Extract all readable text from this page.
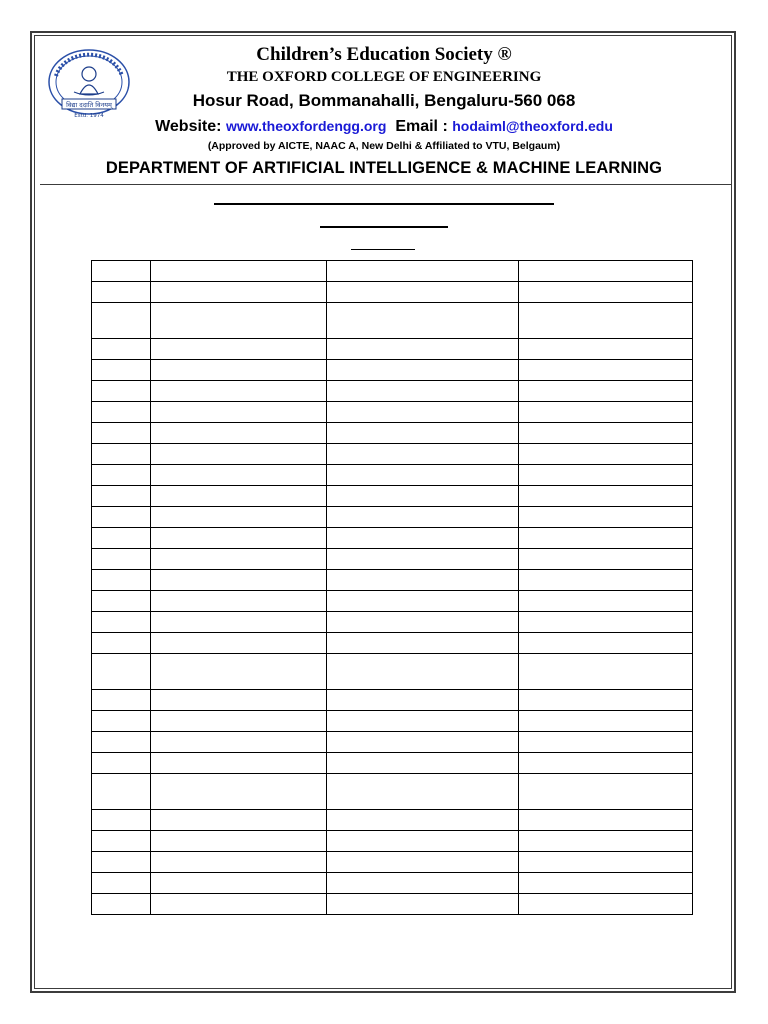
विद्या ददाति विनयम्
Estd. 1974
Children’s Education Society ®
THE OXFORD COLLEGE OF ENGINEERING
Hosur Road, Bommanahalli, Bengaluru-560 068
Website: www.theoxfordengg.org Email : hodaiml@theoxford.edu
(Approved by AICTE, NAAC A, New Delhi & Affiliated to VTU, Belgaum)
DEPARTMENT OF ARTIFICIAL INTELLIGENCE & MACHINE LEARNING
